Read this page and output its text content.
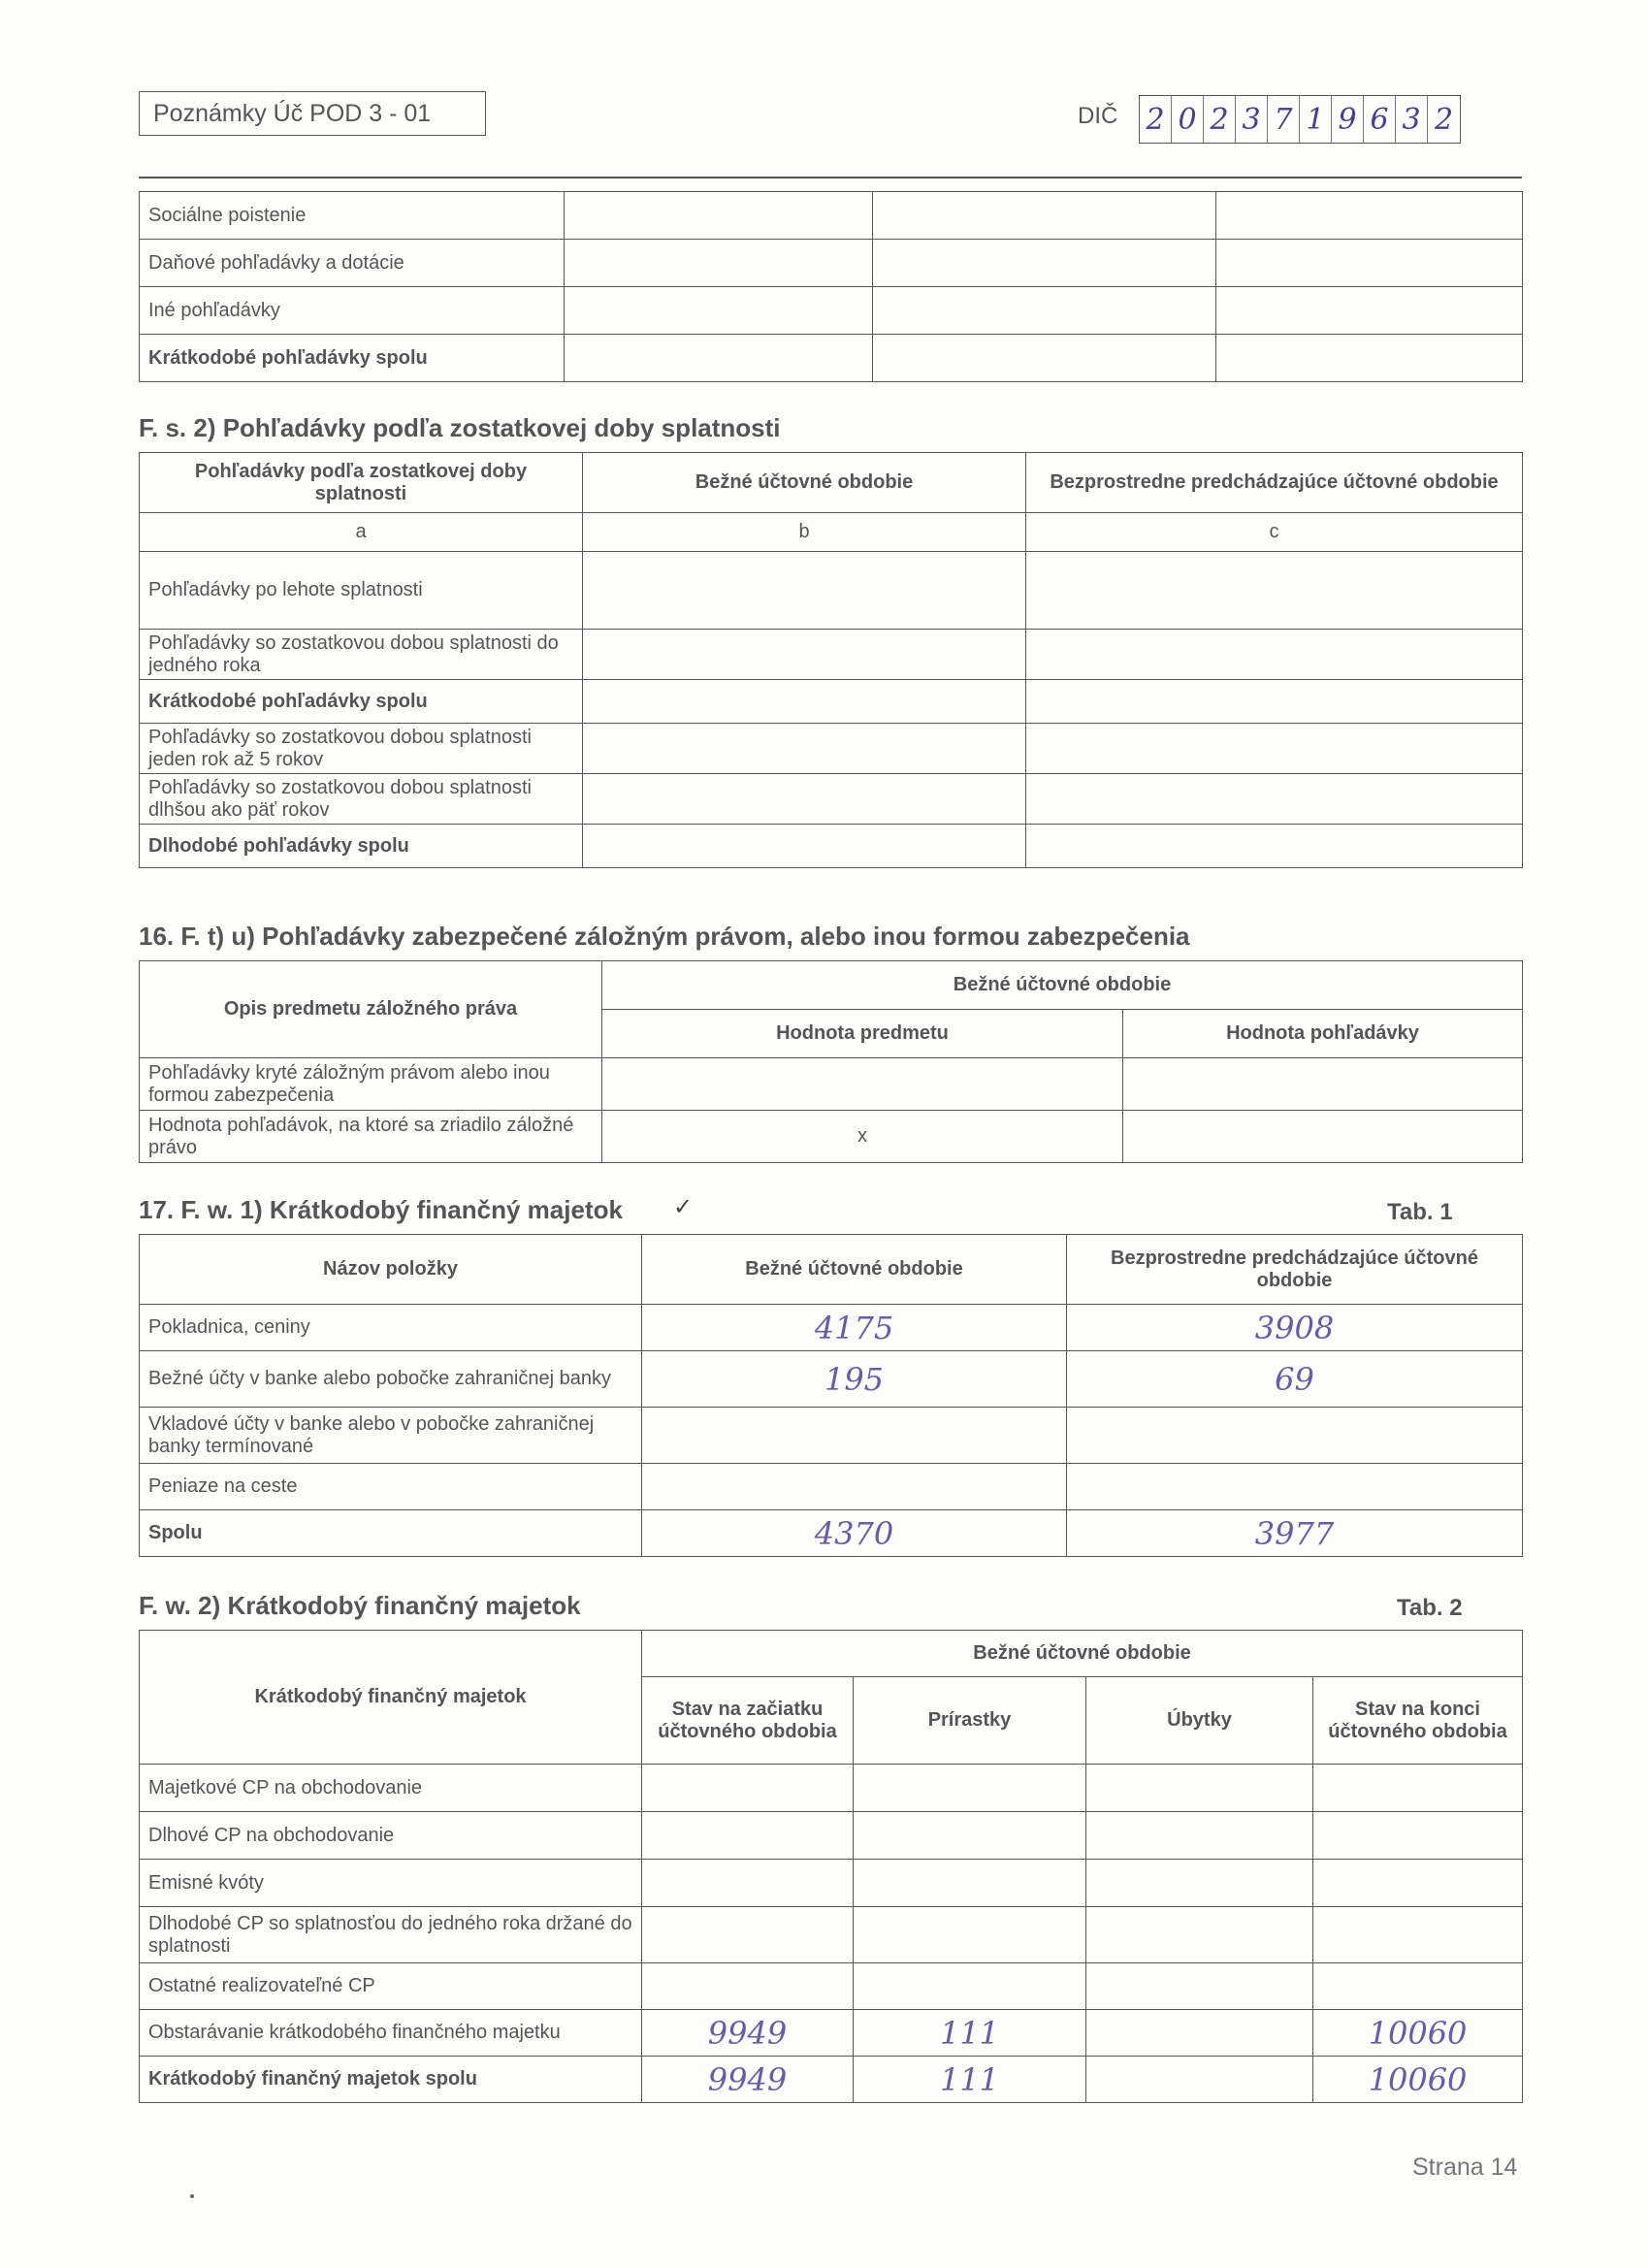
Poznámky Úč POD 3 - 01	DIČ 2 0 2 3 7 1 9 6 3 2
Sociálne poistenie			
Daňové pohľadávky a dotácie			
Iné pohľadávky			
Krátkodobé pohľadávky spolu			
F. s. 2) Pohľadávky podľa zostatkovej doby splatnosti
Pohľadávky podľa zostatkovej doby splatnosti	Bežné účtovné obdobie	Bezprostredne predchádzajúce účtovné obdobie
a	b	c
Pohľadávky po lehote splatnosti		
Pohľadávky so zostatkovou dobou splatnosti do jedného roka		
Krátkodobé pohľadávky spolu		
Pohľadávky so zostatkovou dobou splatnosti jeden rok až 5 rokov		
Pohľadávky so zostatkovou dobou splatnosti dlhšou ako päť rokov		
Dlhodobé pohľadávky spolu		
16. F. t) u) Pohľadávky zabezpečené záložným právom, alebo inou formou zabezpečenia
Opis predmetu záložného práva	Bežné účtovné obdobie	
	Hodnota predmetu	Hodnota pohľadávky
Pohľadávky kryté záložným právom alebo inou formou zabezpečenia		
Hodnota pohľadávok, na ktoré sa zriadilo záložné právo	x	
17. F. w. 1) Krátkodobý finančný majetok ✓	Tab. 1
Názov položky	Bežné účtovné obdobie	Bezprostredne predchádzajúce účtovné obdobie
Pokladnica, ceniny	4175	3908
Bežné účty v banke alebo pobočke zahraničnej banky	195	69
Vkladové účty v banke alebo v pobočke zahraničnej banky termínované		
Peniaze na ceste		
Spolu	4370	3977
F. w. 2) Krátkodobý finančný majetok	Tab. 2
Krátkodobý finančný majetok	Bežné účtovné obdobie			
	Stav na začiatku účtovného obdobia	Prírastky	Úbytky	Stav na konci účtovného obdobia
Majetkové CP na obchodovanie				
Dlhové CP na obchodovanie				
Emisné kvóty				
Dlhodobé CP so splatnosťou do jedného roka držané do splatnosti				
Ostatné realizovateľné CP				
Obstarávanie krátkodobého finančného majetku	9949	111		10060
Krátkodobý finančný majetok spolu	9949	111		10060
Strana 14
